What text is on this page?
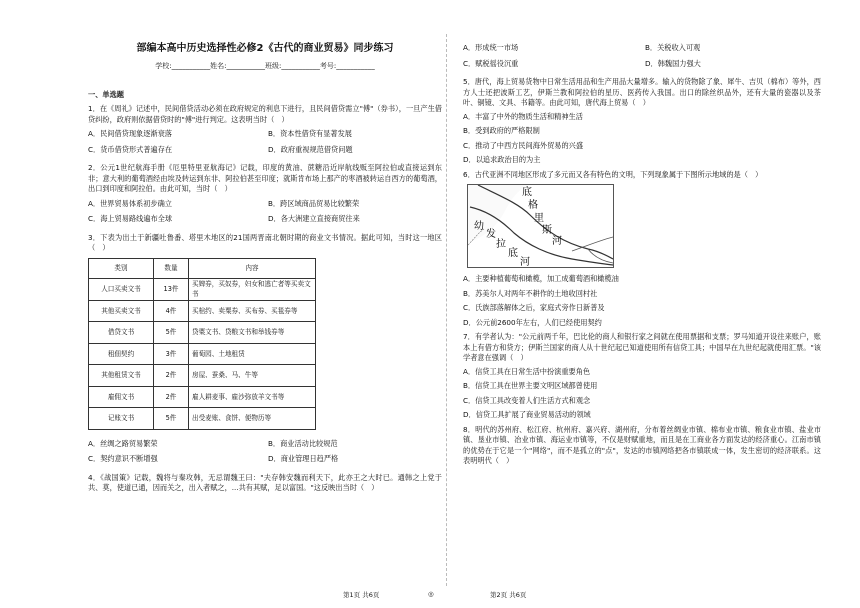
部编本高中历史选择性必修2《古代的商业贸易》同步练习
学校:___________姓名:___________班级:___________考号:___________
一、单选题
1．在《周礼》记述中，民间借贷活动必须在政府规定的利息下进行，且民间借贷需立"傅"（券书），一旦产生借贷纠纷，政府则依据借贷时的"傅"进行判定。这表明当时（　）
A．民间借贷现象逐渐衰落	B．资本性借贷有显著发展
C．货币借贷形式普遍存在	D．政府重视规范借贷问题
2．公元1世纪航海手册《厄里特里亚航海记》记载，印度的黄油、蔗糖沿近岸航线贩至阿拉伯或直接运到东非；意大利的葡萄酒经由埃及转运到东非、阿拉伯甚至印度；就斯肯布场上那产的枣酒被转运自西方的葡萄酒，出口到印度和阿拉伯。由此可知，当时（　）
A．世界贸易体系初步确立	B．跨区域商品贸易比较繁荣
C．海上贸易路线遍布全球	D．各大洲建立直接商贸往来
3．下表为出土于新疆吐鲁番、塔里木地区的21国两晋南北朝时期的商业文书情况。据此可知，当时这一地区（　）
类别	数量	内容
人口买卖文书	13件	买婢券，买奴券，妇女和逃亡者等买卖文书
其他买卖文书	4件	买棺约、卖粟券、买布券、买毯券等
借贷文书	5件	贷粟文书、贷粮文书和举钱券等
租佃契约	3件	葡萄园、土地租赁
其他租赁文书	2件	房屋、蚕桑、马、牛等
雇佣文书	2件	雇人耕麦事、雇沙弥放羊文书等
记账文书	5件	出受麦账、食饼、便物历等
A．丝绸之路贸易繁荣	B．商业活动比较规范
C．契约意识不断增强	D．商业管理日趋严格
4．《战国策》记载，魏将与秦攻韩，无忌谓魏王曰："夫存韩安魏而利天下，此亦王之大时已。通韩之上党于共、莫，使道已通，因而关之，出入者赋之，...共有其赋，足以富国。"这反映出当时（　）
A．形成统一市场	B．关税收入可观
C．赋税徭役沉重	D．韩魏国力强大
5．唐代，海上贸易货物中日常生活用品和生产用品大量增多。输入的货物除了象、犀牛、吉贝（棉布）等外，西方人士还把波斯工艺，伊斯兰教和阿拉伯的星历、医药传入我国。出口的除丝织品外，还有大量的瓷器以及茶叶、铜镜、文具、书籍等。由此可知，唐代海上贸易（　）
A．丰富了中外的物质生活和精神生活
B．受到政府的严格限制
C．推动了中西方民间海外贸易的兴盛
D．以追求政治目的为主
6．古代亚洲不同地区形成了多元而又各有特色的文明，下列现象属于下图所示地域的是（　）
底
格
里
斯
河
幼
发
拉
底
河
A．主要种植葡萄和橄榄，加工成葡萄酒和橄榄油
B．苏美尔人对两年不耕作的土地收回村社
C．氏族部落解体之后，家庭式旁作日新普及
D．公元前2600年左右，人们已经使用契约
7．有学者认为："公元前两千年，巴比伦的商人和银行家之间就在使用票据和支票；罗马知道开设往来账户，账本上有借方和贷方；伊斯兰国家的商人从十世纪起已知道使用所有信贷工具；中国早在九世纪起就使用汇票。"该学者意在强调（　）
A．信贷工具在日常生活中扮演重要角色
B．信贷工具在世界主要文明区域都曾使用
C．信贷工具改变着人们生活方式和观念
D．信贷工具扩展了商业贸易活动的领域
8．明代的苏州府、松江府、杭州府、嘉兴府、湖州府，分布着丝绸业市镇、棉布业市镇、粮食业市镇、盐业市镇、垦业市镇、冶业市镇、海运业市镇等，不仅是财赋重地，而且是在工商业各方面发达的经济重心。江南市镇的优势在于它是一个"网络"，而不是孤立的"点"，发达的市镇网络把各市镇联成一体，发生密切的经济联系。这表明明代（　）
第1页 共6页	◎	第2页 共6页
